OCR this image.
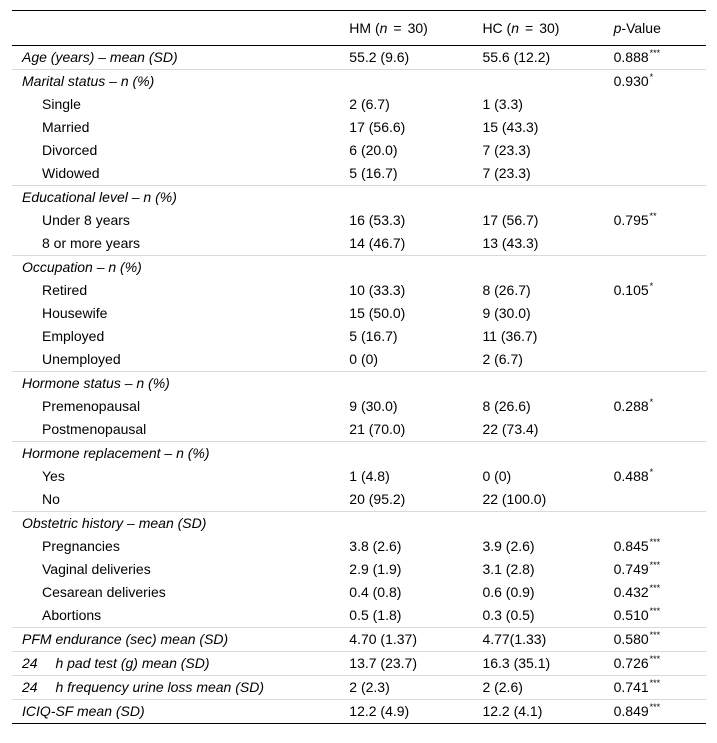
	HM (n = 30)	HC (n = 30)	p-Value
Age (years) – mean (SD)	55.2 (9.6)	55.6 (12.2)	0.888***
Marital status – n (%)			0.930*
Single	2 (6.7)	1 (3.3)	
Married	17 (56.6)	15 (43.3)	
Divorced	6 (20.0)	7 (23.3)	
Widowed	5 (16.7)	7 (23.3)	
Educational level – n (%)			
Under 8 years	16 (53.3)	17 (56.7)	0.795**
8 or more years	14 (46.7)	13 (43.3)	
Occupation – n (%)			
Retired	10 (33.3)	8 (26.7)	0.105*
Housewife	15 (50.0)	9 (30.0)	
Employed	5 (16.7)	11 (36.7)	
Unemployed	0 (0)	2 (6.7)	
Hormone status – n (%)			
Premenopausal	9 (30.0)	8 (26.6)	0.288*
Postmenopausal	21 (70.0)	22 (73.4)	
Hormone replacement – n (%)			
Yes	1 (4.8)	0 (0)	0.488*
No	20 (95.2)	22 (100.0)	
Obstetric history – mean (SD)			
Pregnancies	3.8 (2.6)	3.9 (2.6)	0.845***
Vaginal deliveries	2.9 (1.9)	3.1 (2.8)	0.749***
Cesarean deliveries	0.4 (0.8)	0.6 (0.9)	0.432***
Abortions	0.5 (1.8)	0.3 (0.5)	0.510***
PFM endurance (sec) mean (SD)	4.70 (1.37)	4.77(1.33)	0.580***
24  h pad test (g) mean (SD)	13.7 (23.7)	16.3 (35.1)	0.726***
24  h frequency urine loss mean (SD)	2 (2.3)	2 (2.6)	0.741***
ICIQ-SF mean (SD)	12.2 (4.9)	12.2 (4.1)	0.849***
